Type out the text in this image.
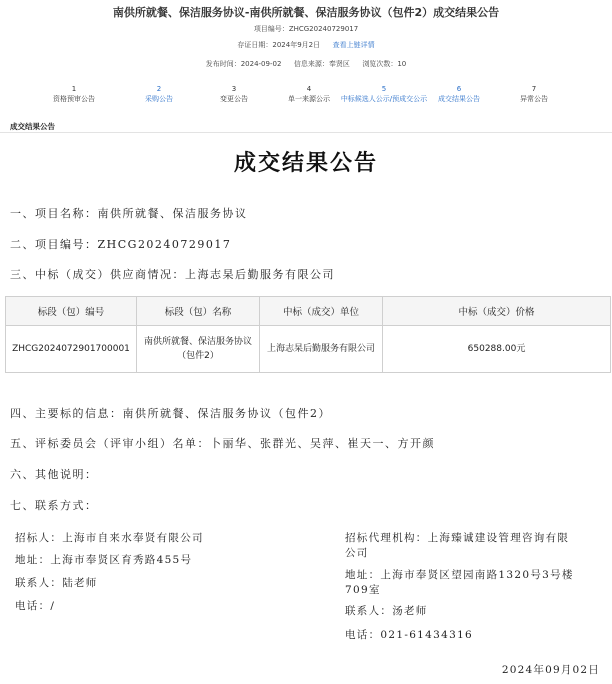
南供所就餐、保洁服务协议-南供所就餐、保洁服务协议（包件2）成交结果公告
项目编号：ZHCG20240729017
存证日期：2024年9月2日 查看上链详情
发布时间：2024-09-02 信息来源：奉贤区 浏览次数：10
1
资格预审公告
2
采购公告
3
变更公告
4
单一来源公示
5
中标候选人公示/预成交公示
6
成交结果公告
7
异常公告
成交结果公告
成交结果公告
一、项目名称：南供所就餐、保洁服务协议
二、项目编号：ZHCG20240729017
三、中标（成交）供应商情况：上海志杲后勤服务有限公司
标段（包）编号	标段（包）名称	中标（成交）单位	中标（成交）价格
ZHCG2024072901700001	南供所就餐、保洁服务协议（包件2）	上海志杲后勤服务有限公司	650288.00元
四、主要标的信息：南供所就餐、保洁服务协议（包件2）
五、评标委员会（评审小组）名单：卜丽华、张群光、吴萍、崔天一、方开颜
六、其他说明：
七、联系方式：
招标人：上海市自来水奉贤有限公司
地址：上海市奉贤区育秀路455号
联系人：陆老师
电话：/
招标代理机构：上海臻诚建设管理咨询有限
公司
地址：上海市奉贤区望园南路1320号3号楼
709室
联系人：汤老师
电话：021-61434316
2024年09月02日
